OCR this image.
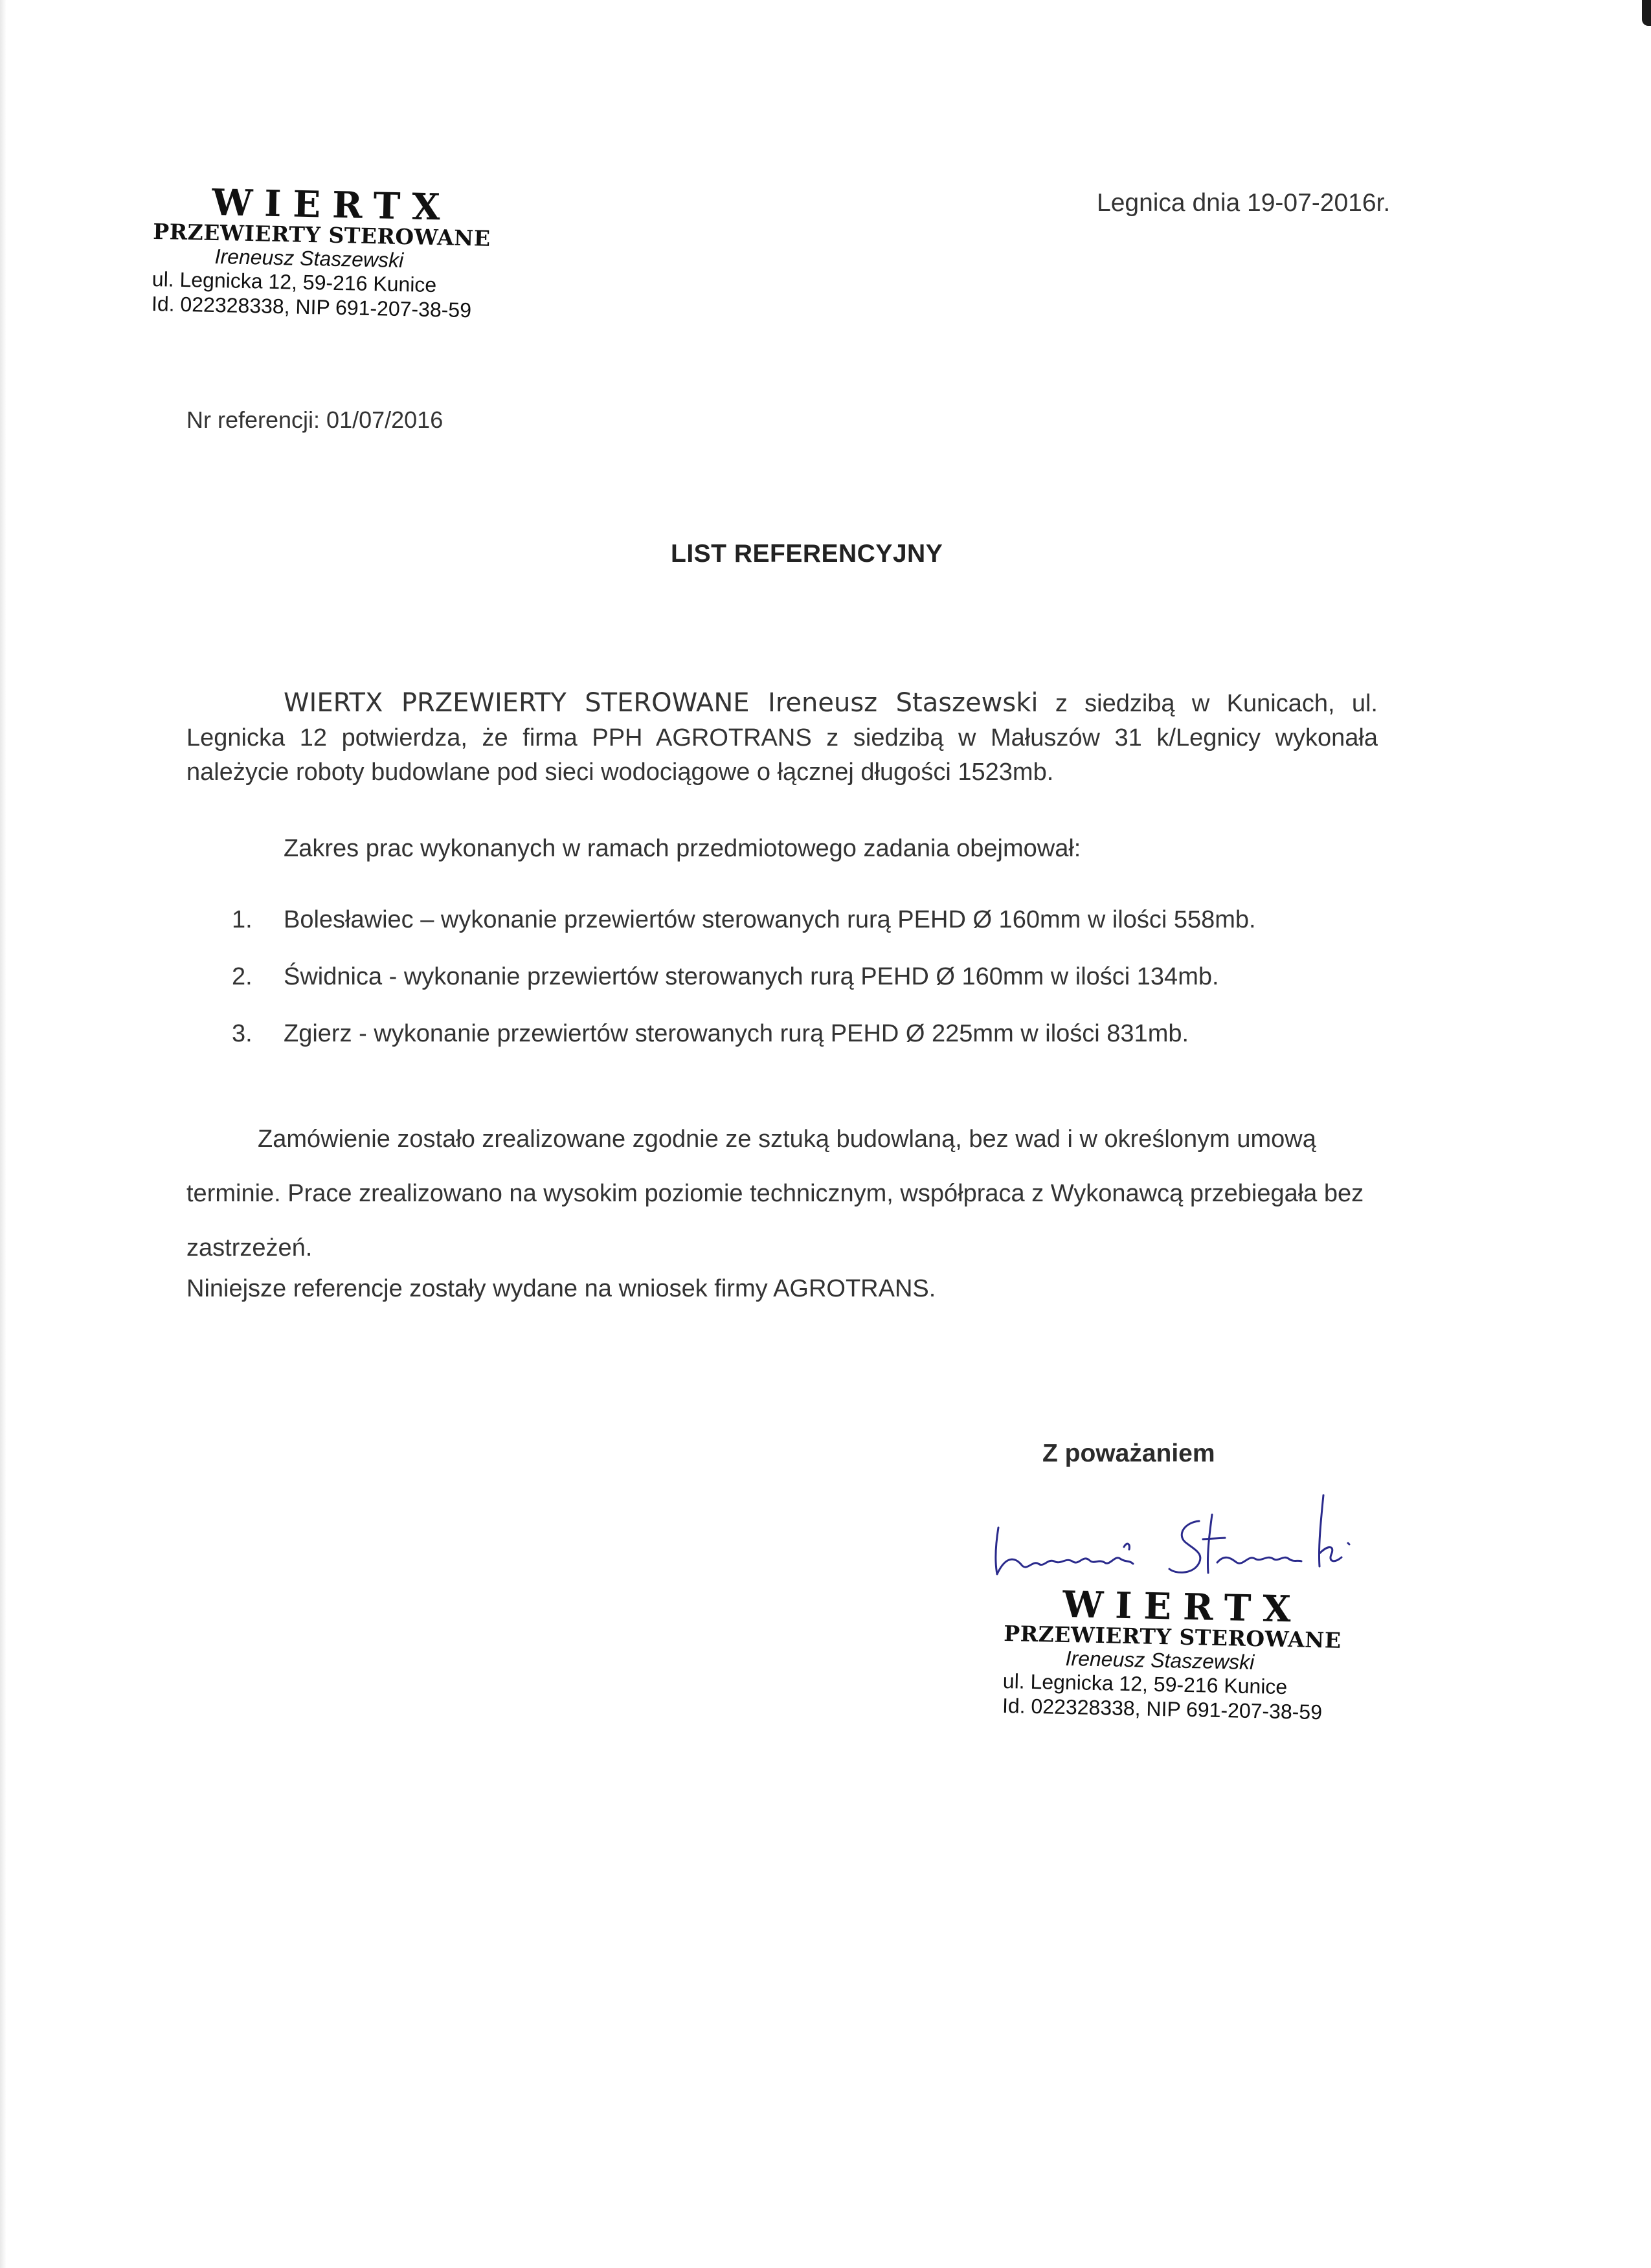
WIERTX
PRZEWIERTY STEROWANE
Ireneusz Staszewski
ul. Legnicka 12, 59-216 Kunice
Id. 022328338, NIP 691-207-38-59
Legnica dnia 19-07-2016r.
Nr referencji: 01/07/2016
LIST REFERENCYJNY
WIERTX PRZEWIERTY STEROWANE Ireneusz Staszewski z siedzibą w Kunicach, ul. Legnicka 12 potwierdza, że firma PPH AGROTRANS z siedzibą w Małuszów 31 k/Legnicy wykonała należycie roboty budowlane pod sieci wodociągowe o łącznej długości 1523mb.
Zakres prac wykonanych w ramach przedmiotowego zadania obejmował:
1.	Bolesławiec – wykonanie przewiertów sterowanych rurą PEHD Ø 160mm w ilości 558mb.
2.	Świdnica - wykonanie przewiertów sterowanych rurą PEHD Ø 160mm w ilości 134mb.
3.	Zgierz - wykonanie przewiertów sterowanych rurą PEHD Ø 225mm w ilości 831mb.
Zamówienie zostało zrealizowane zgodnie ze sztuką budowlaną, bez wad i w określonym umową terminie. Prace zrealizowano na wysokim poziomie technicznym, współpraca z Wykonawcą przebiegała bez zastrzeżeń.
Niniejsze referencje zostały wydane na wniosek firmy AGROTRANS.
Z poważaniem
WIERTX
PRZEWIERTY STEROWANE
Ireneusz Staszewski
ul. Legnicka 12, 59-216 Kunice
Id. 022328338, NIP 691-207-38-59
